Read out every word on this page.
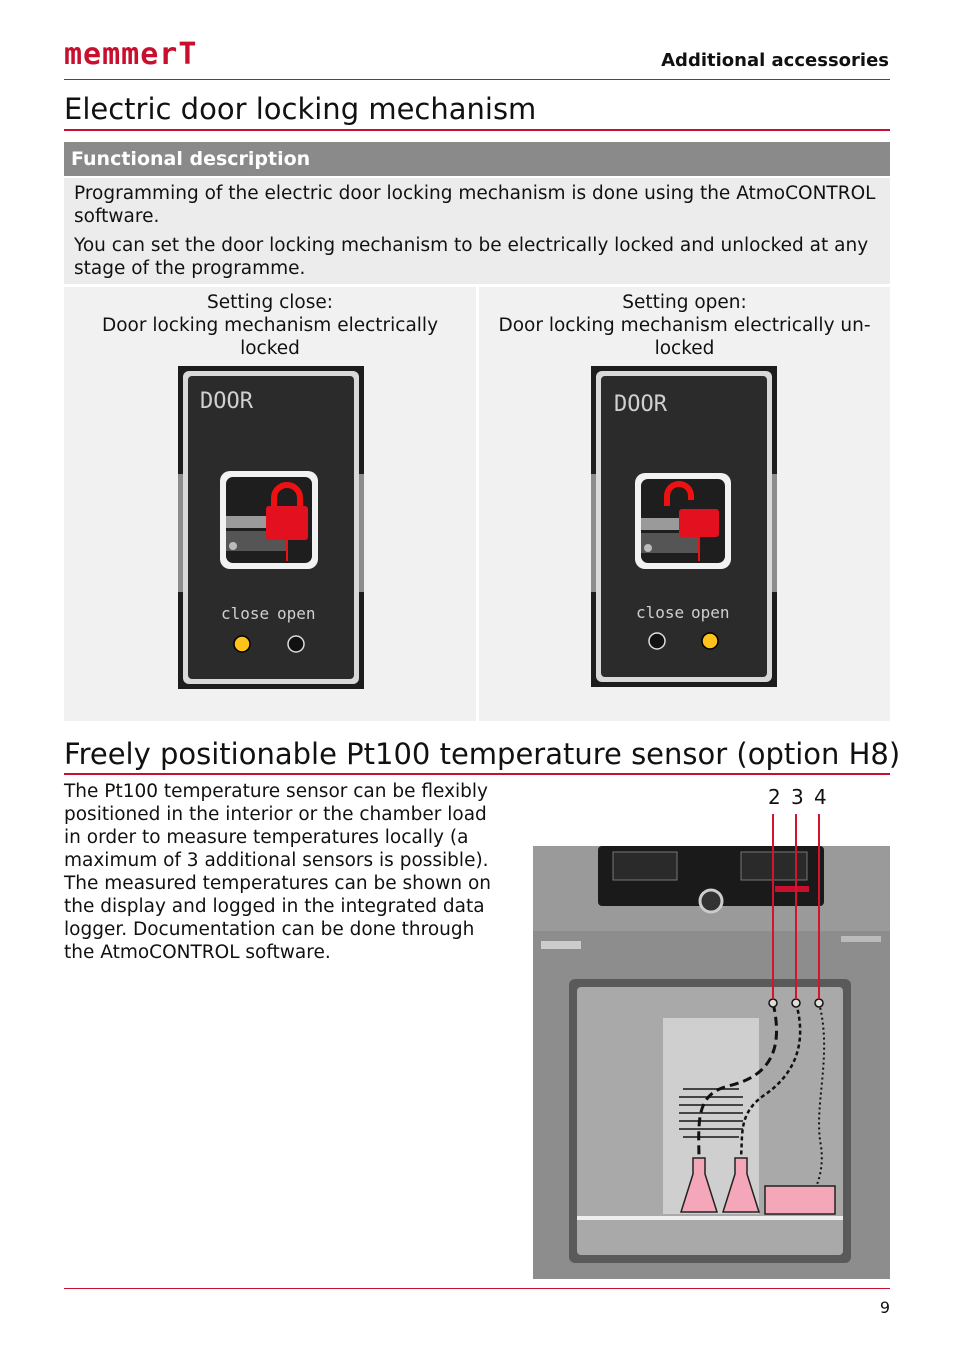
memmerT	Additional accessories
Electric door locking mechanism
Functional description

Programming of the electric door locking mechanism is done using the AtmoCONTROL software.

You can set the door locking mechanism to be electrically locked and unlocked at any stage of the programme.

Setting close:
Door locking mechanism electrically
locked
DOOR
close open
Setting open:
Door locking mechanism electrically un-
locked
DOOR
close open
Freely positionable Pt100 temperature sensor (option H8)
The Pt100 temperature sensor can be flexibly positioned in the interior or the chamber load in order to measure temperatures locally (a maximum of 3 additional sensors is possible). The measured temperatures can be shown on the display and logged in the integrated data logger. Documentation can be done through the AtmoCONTROL software.
2 3 4
9
